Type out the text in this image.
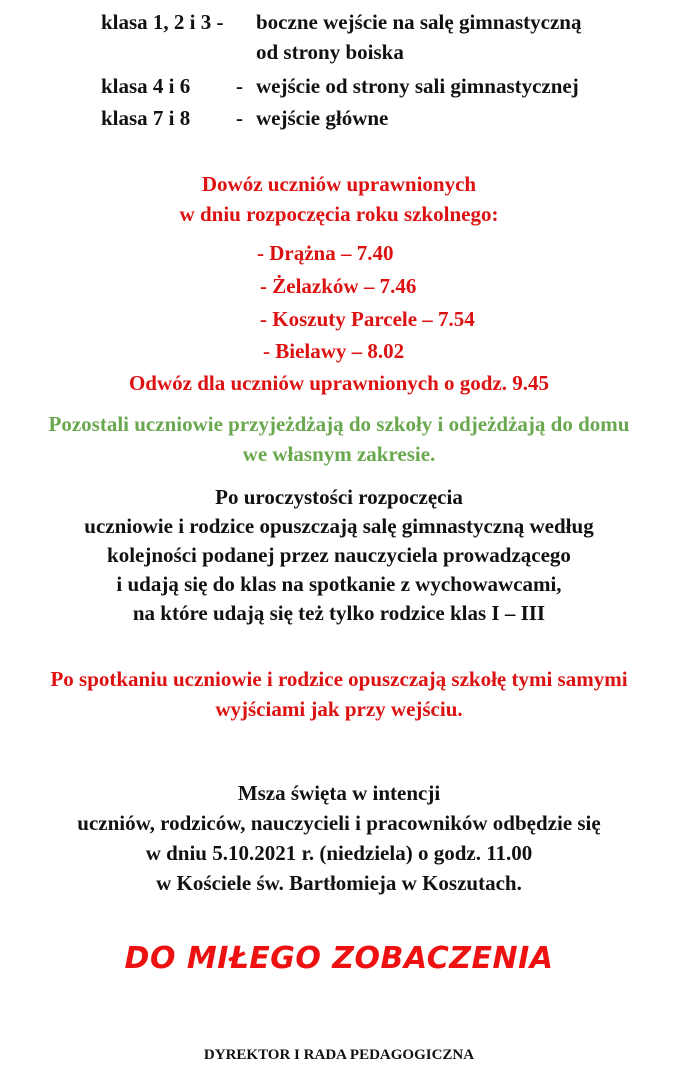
klasa 1, 2 i 3 - boczne wejście na salę gimnastyczną
od strony boiska
klasa 4 i 6 - wejście od strony sali gimnastycznej
klasa 7 i 8 - wejście główne
Dowóz uczniów uprawnionych
w dniu rozpoczęcia roku szkolnego:
- Drążna – 7.40
- Żelazków – 7.46
- Koszuty Parcele – 7.54
- Bielawy – 8.02
Odwóz dla uczniów uprawnionych o godz. 9.45
Pozostali uczniowie przyjeżdżają do szkoły i odjeżdżają do domu
we własnym zakresie.
Po uroczystości rozpoczęcia
uczniowie i rodzice opuszczają salę gimnastyczną według
kolejności podanej przez nauczyciela prowadzącego
i udają się do klas na spotkanie z wychowawcami,
na które udają się też tylko rodzice klas I – III
Po spotkaniu uczniowie i rodzice opuszczają szkołę tymi samymi
wyjściami jak przy wejściu.
Msza święta w intencji
uczniów, rodziców, nauczycieli i pracowników odbędzie się
w dniu 5.10.2021 r. (niedziela) o godz. 11.00
w Kościele św. Bartłomieja w Koszutach.
DO MIŁEGO ZOBACZENIA
DYREKTOR I RADA PEDAGOGICZNA
